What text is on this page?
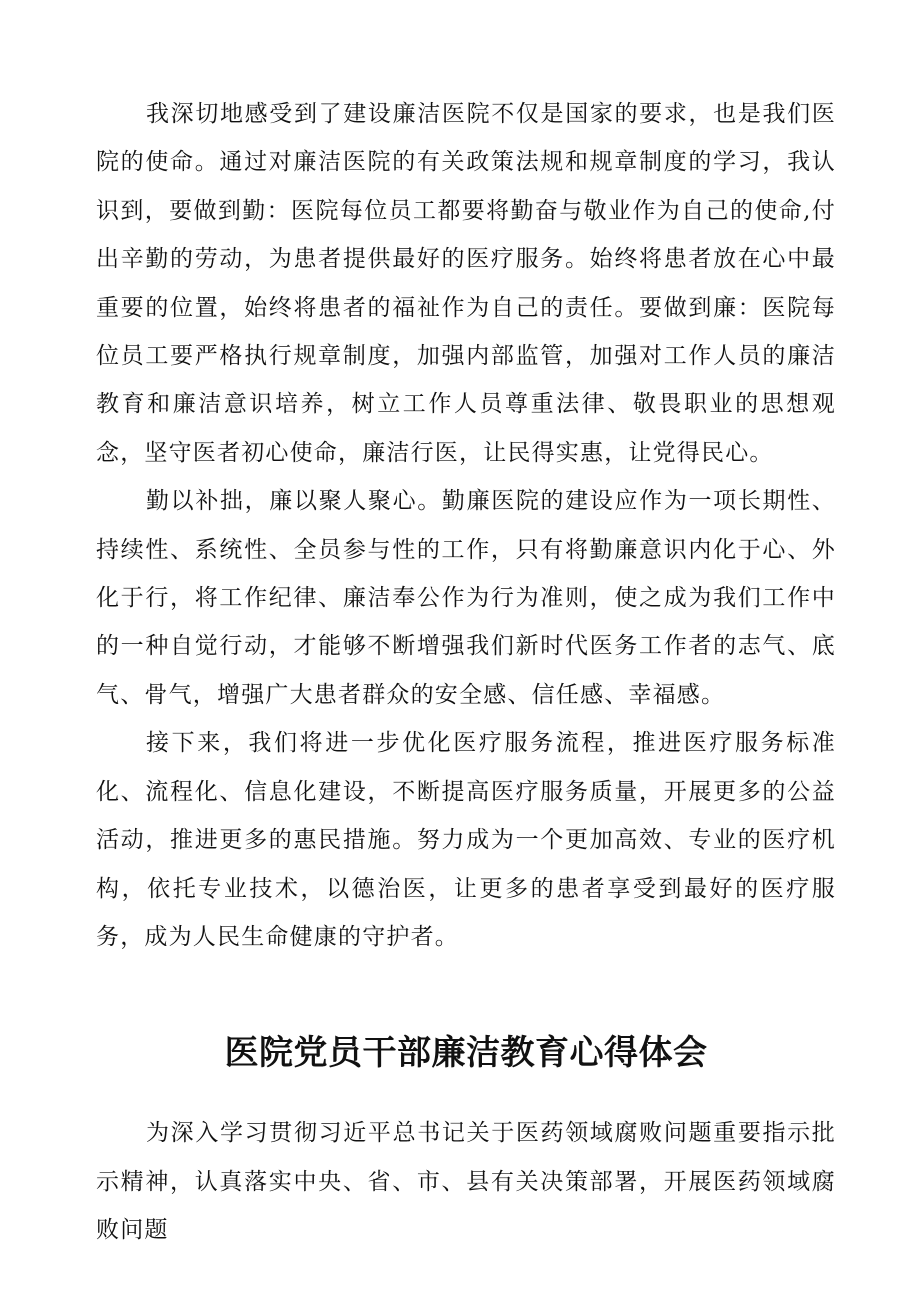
我深切地感受到了建设廉洁医院不仅是国家的要求，也是我们医院的使命。通过对廉洁医院的有关政策法规和规章制度的学习，我认识到，要做到勤：医院每位员工都要将勤奋与敬业作为自己的使命,付出辛勤的劳动，为患者提供最好的医疗服务。始终将患者放在心中最重要的位置，始终将患者的福祉作为自己的责任。要做到廉：医院每位员工要严格执行规章制度，加强内部监管，加强对工作人员的廉洁教育和廉洁意识培养，树立工作人员尊重法律、敬畏职业的思想观念，坚守医者初心使命，廉洁行医，让民得实惠，让党得民心。

勤以补拙，廉以聚人聚心。勤廉医院的建设应作为一项长期性、持续性、系统性、全员参与性的工作，只有将勤廉意识内化于心、外化于行，将工作纪律、廉洁奉公作为行为准则，使之成为我们工作中的一种自觉行动，才能够不断增强我们新时代医务工作者的志气、底气、骨气，增强广大患者群众的安全感、信任感、幸福感。

接下来，我们将进一步优化医疗服务流程，推进医疗服务标准化、流程化、信息化建设，不断提高医疗服务质量，开展更多的公益活动，推进更多的惠民措施。努力成为一个更加高效、专业的医疗机构，依托专业技术，以德治医，让更多的患者享受到最好的医疗服务，成为人民生命健康的守护者。

医院党员干部廉洁教育心得体会

为深入学习贯彻习近平总书记关于医药领域腐败问题重要指示批示精神，认真落实中央、省、市、县有关决策部署，开展医药领域腐败问题
